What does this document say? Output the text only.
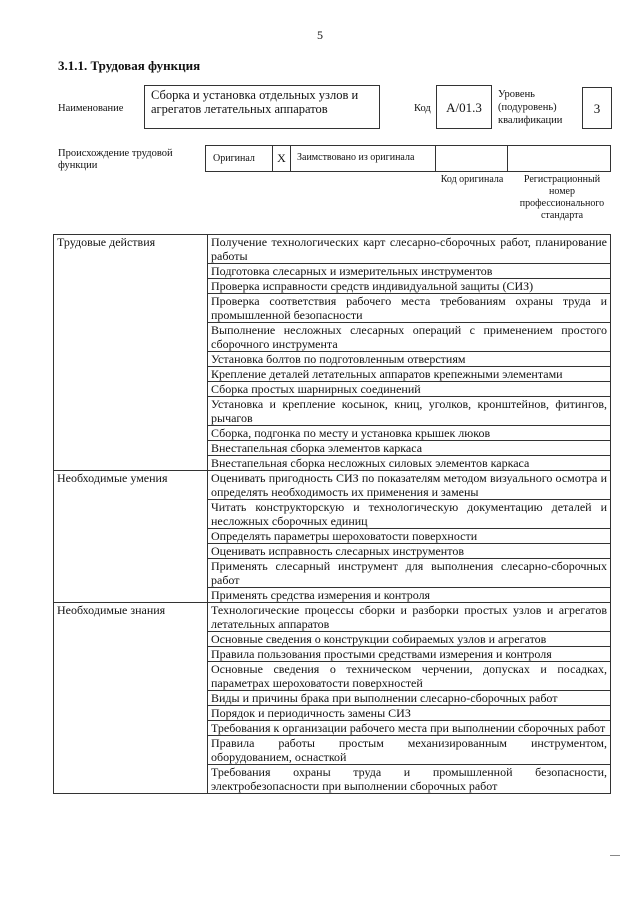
5
3.1.1. Трудовая функция
Наименование
Сборка и установка отдельных узлов и агрегатов летательных аппаратов	Код	А/01.3
Уровень (подуровень) квалификации
3
Происхождение трудовой функции
Оригинал	X	Заимствовано из оригинала
Код оригинала	Регистрационный номер профессионального стандарта
Трудовые действия	Получение технологических карт слесарно-сборочных работ, планирование работы
	Подготовка слесарных и измерительных инструментов
	Проверка исправности средств индивидуальной защиты (СИЗ)
	Проверка соответствия рабочего места требованиям охраны труда и промышленной безопасности
	Выполнение несложных слесарных операций с применением простого сборочного инструмента
	Установка болтов по подготовленным отверстиям
	Крепление деталей летательных аппаратов крепежными элементами
	Сборка простых шарнирных соединений
	Установка и крепление косынок, книц, уголков, кронштейнов, фитингов, рычагов
	Сборка, подгонка по месту и установка крышек люков
	Внестапельная сборка элементов каркаса
	Внестапельная сборка несложных силовых элементов каркаса
Необходимые умения	Оценивать пригодность СИЗ по показателям методом визуального осмотра и определять необходимость их применения и замены
	Читать конструкторскую и технологическую документацию деталей и несложных сборочных единиц
	Определять параметры шероховатости поверхности
	Оценивать исправность слесарных инструментов
	Применять слесарный инструмент для выполнения слесарно-сборочных работ
	Применять средства измерения и контроля
Необходимые знания	Технологические процессы сборки и разборки простых узлов и агрегатов летательных аппаратов
	Основные сведения о конструкции собираемых узлов и агрегатов
	Правила пользования простыми средствами измерения и контроля
	Основные сведения о техническом черчении, допусках и посадках, параметрах шероховатости поверхностей
	Виды и причины брака при выполнении слесарно-сборочных работ
	Порядок и периодичность замены СИЗ
	Требования к организации рабочего места при выполнении сборочных работ
	Правила работы простым механизированным инструментом, оборудованием, оснасткой
	Требования охраны труда и промышленной безопасности, электробезопасности при выполнении сборочных работ
